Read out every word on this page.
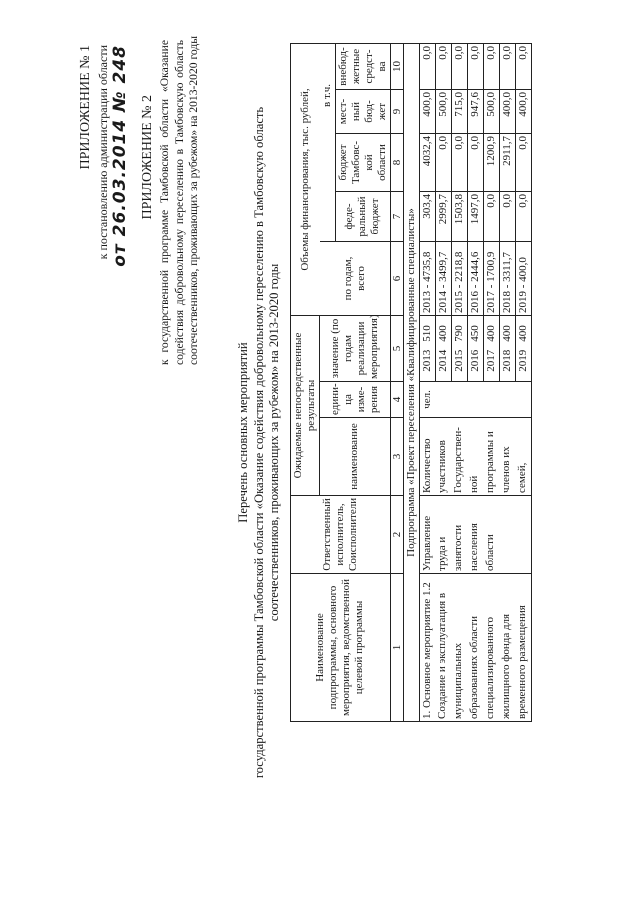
ПРИЛОЖЕНИЕ № 1 к постановлению администрации области от 26.03.2014 № 248 ПРИЛОЖЕНИЕ № 2 к государственной программе Тамбовской области «Оказание содействия добровольному переселению в Тамбовскую область соотечественников, проживающих за рубежом» на 2013-2020 годы
Перечень основных мероприятий государственной программы Тамбовской области «Оказание содействия добровольному переселению в Тамбовскую область соотечественников, проживающих за рубежом» на 2013-2020 годы
Наименование подпрограммы, основного мероприятия, ведомственной целевой программы	Ответственный исполнитель, Соисполнители	Ожидаемые непосредственные результаты			Объемы финансирования, тыс. рублей,				
		наименование	едини-ца изме-рения	значение (по годам реализации мероприятия)	по годам, всего	в т.ч.			
						феде-ральный бюджет	бюджет Тамбовс-кой области	мест-ный бюд-жет	внебюд-жетные средст-ва
1	2	3	4	5	6	7	8	9	10
Подпрограмма «Проект переселения «Квалифицированные специалисты»									
1. Основное мероприятие 1.2	Управление	Количество	чел.	2013510	2013 - 4735,8	303,4	4032,4	400,0	0,0
Создание и эксплуатация в	труда и	участников		2014400	2014 - 3499,7	2999,7	0,0	500,0	0,0
муниципальных	занятости	Государствен-		2015790	2015 - 2218,8	1503,8	0,0	715,0	0,0
образованиях области	населения	ной		2016450	2016 - 2444,6	1497,0	0,0	947,6	0,0
специализированного	области	программы и		2017400	2017 - 1700,9	0,0	1200,9	500,0	0,0
жилищного фонда для		членов их		2018400	2018 - 3311,7	0,0	2911,7	400,0	0,0
временного размещения		семей,		2019400	2019 - 400,0	0,0	0,0	400,0	0,0
